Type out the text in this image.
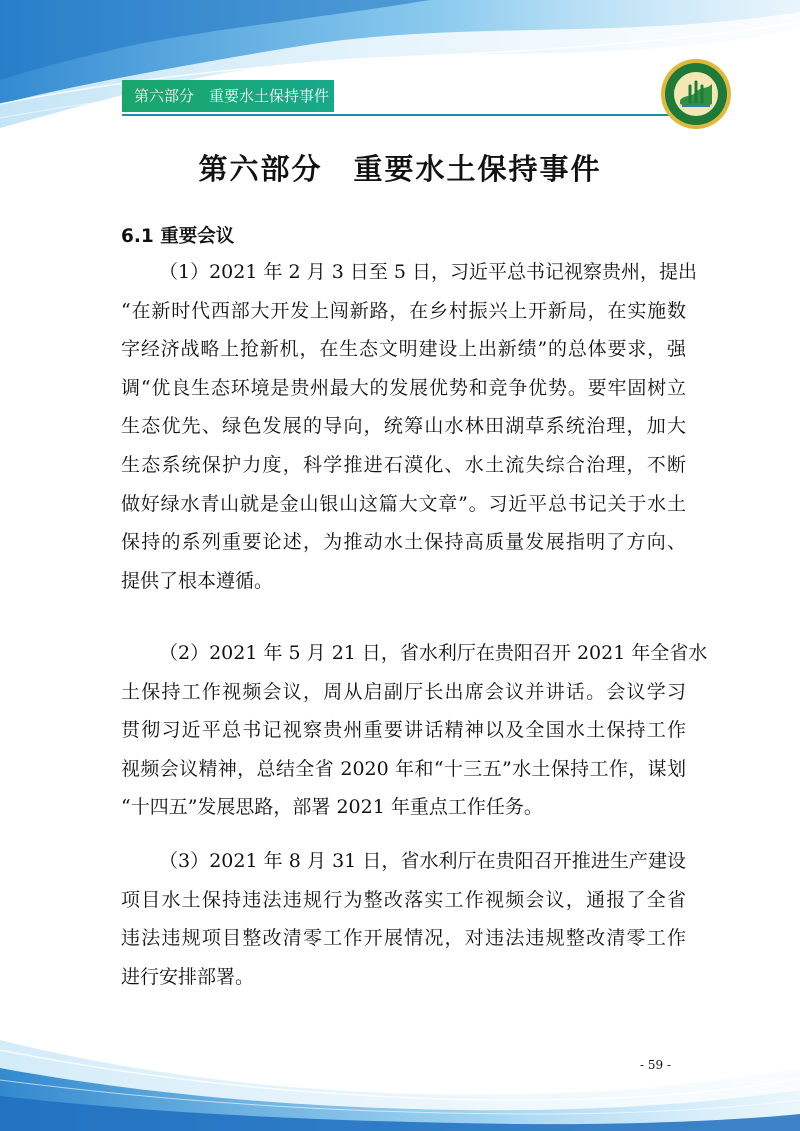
第六部分　重要水土保持事件
第六部分　重要水土保持事件
6.1 重要会议
（1）2021 年 2 月 3 日至 5 日，习近平总书记视察贵州，提出
“在新时代西部大开发上闯新路，在乡村振兴上开新局，在实施数
字经济战略上抢新机，在生态文明建设上出新绩”的总体要求，强
调“优良生态环境是贵州最大的发展优势和竞争优势。要牢固树立
生态优先、绿色发展的导向，统筹山水林田湖草系统治理，加大
生态系统保护力度，科学推进石漠化、水土流失综合治理，不断
做好绿水青山就是金山银山这篇大文章”。习近平总书记关于水土
保持的系列重要论述，为推动水土保持高质量发展指明了方向、
提供了根本遵循。
（2）2021 年 5 月 21 日，省水利厅在贵阳召开 2021 年全省水
土保持工作视频会议，周从启副厅长出席会议并讲话。会议学习
贯彻习近平总书记视察贵州重要讲话精神以及全国水土保持工作
视频会议精神，总结全省 2020 年和“十三五”水土保持工作，谋划
“十四五”发展思路，部署 2021 年重点工作任务。
（3）2021 年 8 月 31 日，省水利厅在贵阳召开推进生产建设
项目水土保持违法违规行为整改落实工作视频会议，通报了全省
违法违规项目整改清零工作开展情况，对违法违规整改清零工作
进行安排部署。
- 59 -
